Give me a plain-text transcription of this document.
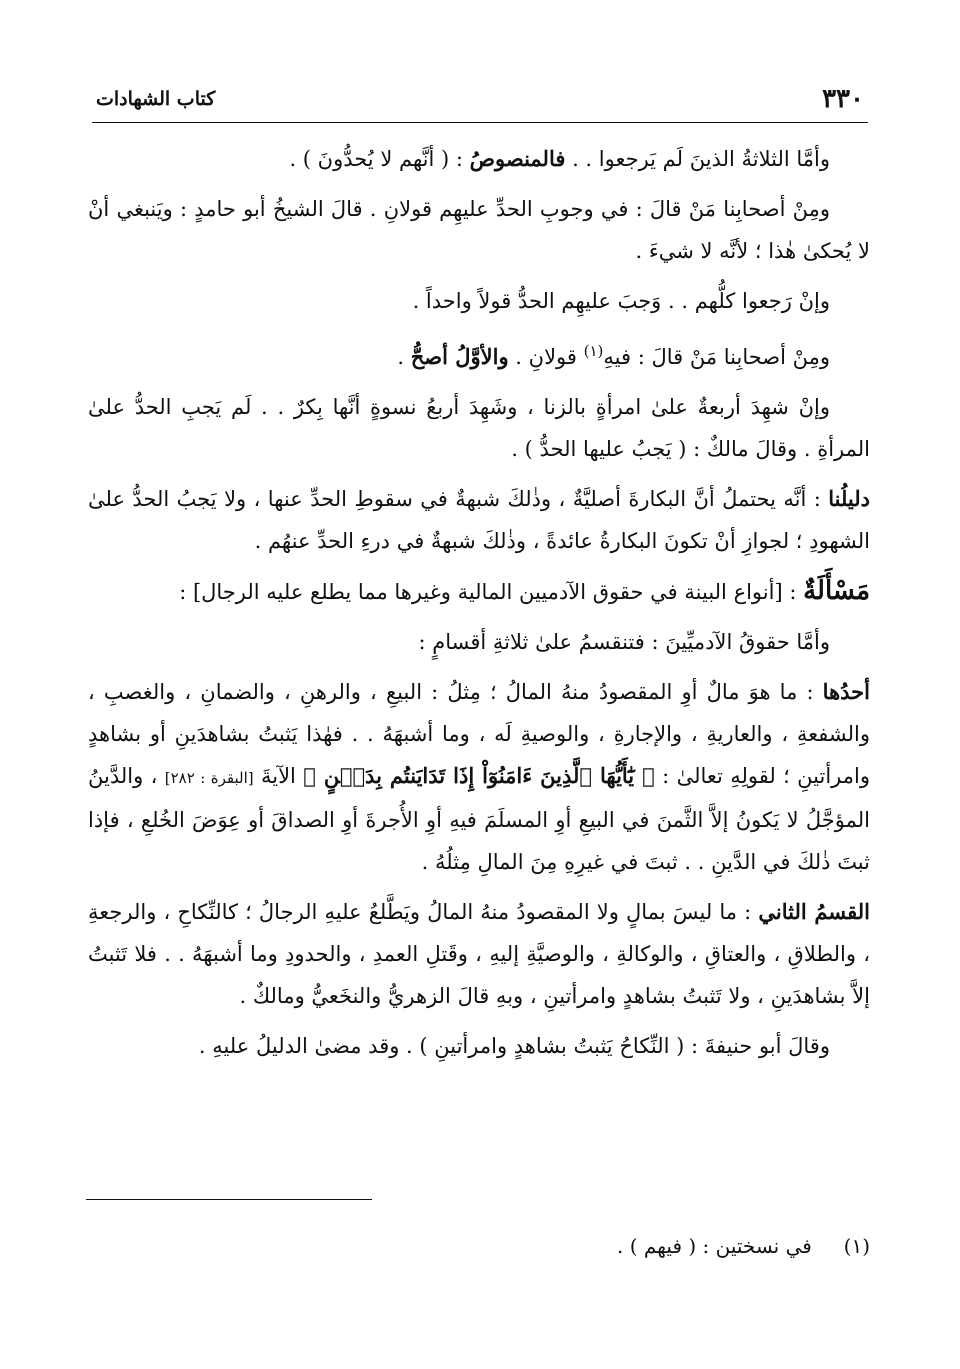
٣٣٠
كتاب الشهادات

وأمَّا الثلاثةُ الذينَ لَم يَرجعوا . . فالمنصوصُ : ( أنَّهم لا يُحدُّونَ ) .

ومِنْ أصحابِنا مَنْ قالَ : في وجوبِ الحدِّ عليهِم قولانِ . قالَ الشيخُ أبو حامدٍ : ويَنبغي أنْ لا يُحكىٰ هٰذا ؛ لأنَّه لا شيءَ .

وإنْ رَجعوا كلُّهم . . وَجبَ عليهِم الحدُّ قولاً واحداً .

ومِنْ أصحابِنا مَنْ قالَ : فيهِ$^{(١)}$ قولانِ . والأوَّلُ أصحُّ .

وإنْ شهِدَ أربعةٌ علىٰ امرأةٍ بالزنا ، وشَهِدَ أربعُ نسوةٍ أنَّها بِكرٌ . . لَم يَجبِ الحدُّ علىٰ المرأةِ . وقالَ مالكٌ : ( يَجبُ عليها الحدُّ ) .

دليلُنا : أنَّه يحتملُ أنَّ البكارةَ أصليَّةٌ ، وذٰلكَ شبهةٌ في سقوطِ الحدِّ عنها ، ولا يَجبُ الحدُّ علىٰ الشهودِ ؛ لجوازِ أنْ تكونَ البكارةُ عائدةً ، وذٰلكَ شبهةٌ في درءِ الحدِّ عنهُم .

مَسْأَلَةٌ : [أنواع البينة في حقوق الآدميين المالية وغيرها مما يطلع عليه الرجال] :

وأمَّا حقوقُ الآدميِّينَ : فتنقسمُ علىٰ ثلاثةِ أقسامٍ :

أحدُها : ما هوَ مالٌ أوِ المقصودُ منهُ المالُ ؛ مِثلُ : البيعِ ، والرهنِ ، والضمانِ ، والغصبِ ، والشفعةِ ، والعاريةِ ، والإجارةِ ، والوصيةِ لَه ، وما أشبهَهُ . . فهٰذا يَثبتُ بشاهدَينِ أو بشاهدٍ وامرأتينِ ؛ لقولِهِ تعالىٰ : ﴿ يَٰٓأَيُّهَا ٱلَّذِينَ ءَامَنُوٓاْ إِذَا تَدَايَنتُم بِدَيۡنٍ ﴾ الآيةَ [البقرة : ٢٨٢] ، والدَّينُ المؤجَّلُ لا يَكونُ إلاَّ الثَّمنَ في البيعِ أوِ المسلَمَ فيهِ أوِ الأُجرةَ أوِ الصداقَ أو عِوَضَ الخُلعِ ، فإذا ثبتَ ذٰلكَ في الدَّينِ . . ثبتَ في غيرِهِ مِنَ المالِ مِثلُهُ .

القسمُ الثاني : ما ليسَ بمالٍ ولا المقصودُ منهُ المالُ ويَطَّلعُ عليهِ الرجالُ ؛ كالنِّكاحِ ، والرجعةِ ، والطلاقِ ، والعتاقِ ، والوكالةِ ، والوصيَّةِ إليهِ ، وقَتلِ العمدِ ، والحدودِ وما أشبهَهُ . . فلا تَثبتُ إلاَّ بشاهدَينِ ، ولا تَثبتُ بشاهدٍ وامرأتينِ ، وبهِ قالَ الزهريُّ والنخَعيُّ ومالكٌ .

وقالَ أبو حنيفةَ : ( النِّكاحُ يَثبتُ بشاهدٍ وامرأتينِ ) . وقد مضىٰ الدليلُ عليهِ .

(١)     في نسختين : ( فيهم ) .
